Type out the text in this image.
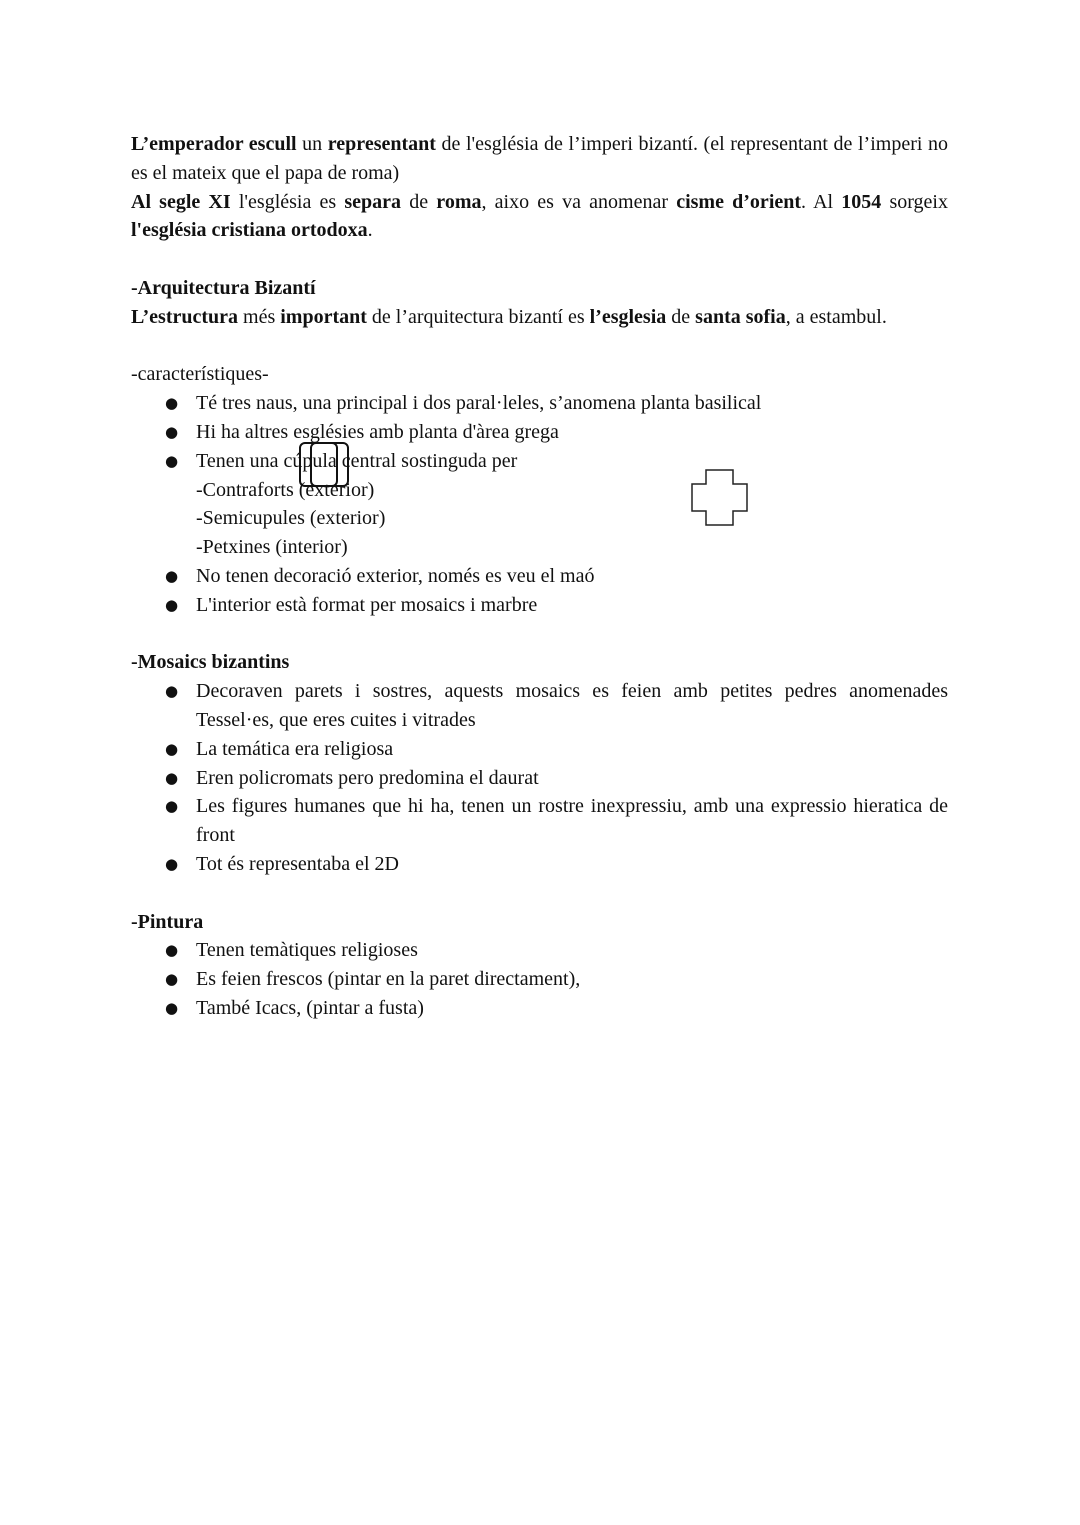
L’emperador escull un representant de l'església de l’imperi bizantí. (el representant de l’imperi no es el mateix que el papa de roma)

Al segle XI l'església es separa de roma, aixo es va anomenar cisme d’orient. Al 1054 sorgeix l'església cristiana ortodoxa.

-Arquitectura Bizantí

L’estructura més important de l’arquitectura bizantí es l’esglesia de santa sofia, a estambul.

-característiques-

● Té tres naus, una principal i dos paral·leles, s’anomena planta basilical
● Hi ha altres esglésies amb planta d'àrea grega
● Tenen una cúpula central sostinguda per
-Contraforts (exterior)
-Semicupules (exterior)
-Petxines (interior)
● No tenen decoració exterior, només es veu el maó
● L'interior està format per mosaics i marbre

-Mosaics bizantins

● Decoraven parets i sostres, aquests mosaics es feien amb petites pedres anomenades Tessel·es, que eres cuites i vitrades
● La temática era religiosa
● Eren policromats pero predomina el daurat
● Les figures humanes que hi ha, tenen un rostre inexpressiu, amb una expressio hieratica de front
● Tot és representaba el 2D

-Pintura

● Tenen temàtiques religioses
● Es feien frescos (pintar en la paret directament),
● També Icacs, (pintar a fusta)
